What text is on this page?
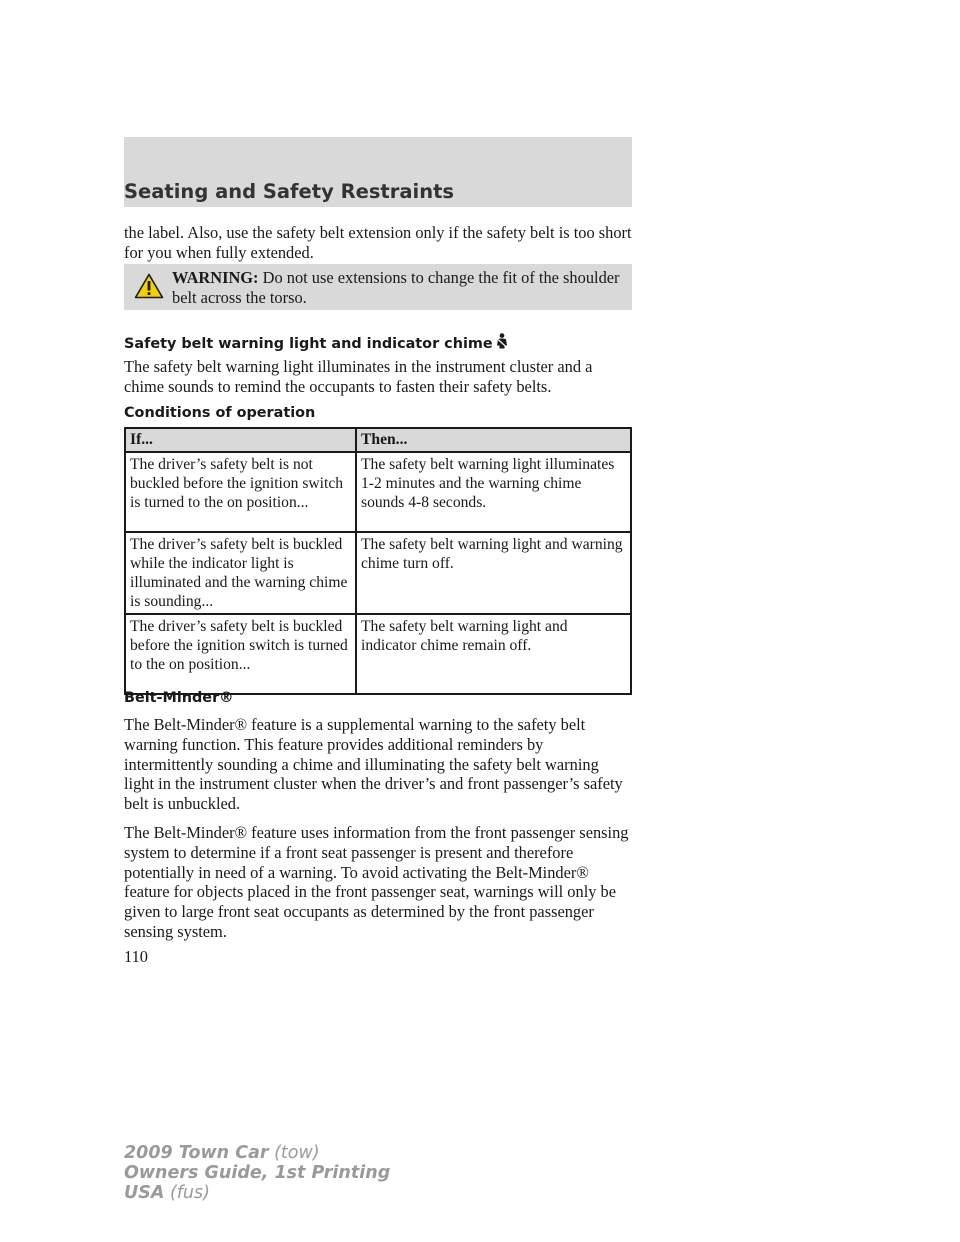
Seating and Safety Restraints

the label. Also, use the safety belt extension only if the safety belt is too short for you when fully extended.

WARNING: Do not use extensions to change the fit of the shoulder belt across the torso.
Safety belt warning light and indicator chime

The safety belt warning light illuminates in the instrument cluster and a chime sounds to remind the occupants to fasten their safety belts.

Conditions of operation
If...	Then...
The driver’s safety belt is not buckled before the ignition switch is turned to the on position...	The safety belt warning light illuminates 1-2 minutes and the warning chime sounds 4-8 seconds.
The driver’s safety belt is buckled while the indicator light is illuminated and the warning chime is sounding...	The safety belt warning light and warning chime turn off.
The driver’s safety belt is buckled before the ignition switch is turned to the on position...	The safety belt warning light and indicator chime remain off.
Belt-Minder®

The Belt-Minder® feature is a supplemental warning to the safety belt warning function. This feature provides additional reminders by intermittently sounding a chime and illuminating the safety belt warning light in the instrument cluster when the driver’s and front passenger’s safety belt is unbuckled.

The Belt-Minder® feature uses information from the front passenger sensing system to determine if a front seat passenger is present and therefore potentially in need of a warning. To avoid activating the Belt-Minder® feature for objects placed in the front passenger seat, warnings will only be given to large front seat occupants as determined by the front passenger sensing system.

110
2009 Town Car (tow)
Owners Guide, 1st Printing
USA (fus)
